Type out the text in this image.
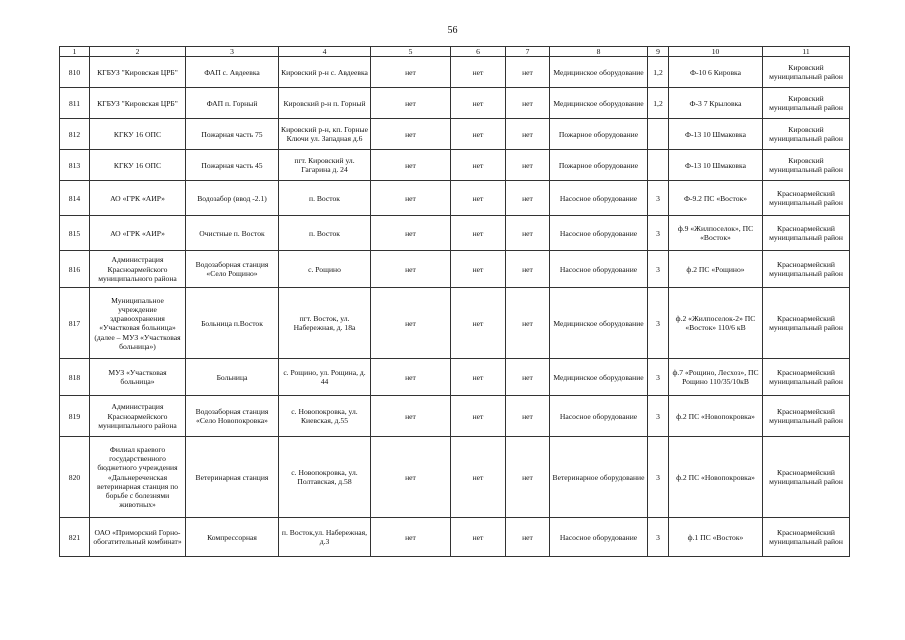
56
1	2	3	4	5	6	7	8	9	10	11
810	КГБУЗ "Кировская ЦРБ"	ФАП с. Авдеевка	Кировский р-н с. Авдеевка	нет	нет	нет	Медицинское оборудование	1,2	Ф-10 6 Кировка	Кировский муниципальный район
811	КГБУЗ "Кировская ЦРБ"	ФАП п. Горный	Кировский р-н п. Горный	нет	нет	нет	Медицинское оборудование	1,2	Ф-3 7 Крыловка	Кировский муниципальный район
812	КГКУ 16 ОПС	Пожарная часть 75	Кировский р-н, кп. Горные Ключи ул. Западная д.6	нет	нет	нет	Пожарное оборудование		Ф-13 10 Шмаковка	Кировский муниципальный район
813	КГКУ 16 ОПС	Пожарная часть 45	пгт. Кировский ул. Гагарина д. 24	нет	нет	нет	Пожарное оборудование		Ф-13 10 Шмаковка	Кировский муниципальный район
814	АО «ГРК «АИР»	Водозабор (ввод -2.1)	п. Восток	нет	нет	нет	Насосное оборудование	3	Ф-9.2 ПС «Восток»	Красноармейский муниципальный район
815	АО «ГРК «АИР»	Очистные п. Восток	п. Восток	нет	нет	нет	Насосное оборудование	3	ф.9 «Жилпоселок», ПС «Восток»	Красноармейский муниципальный район
816	Администрация Красноармейского муниципального района	Водозаборная станция «Село Рощино»	с. Рощино	нет	нет	нет	Насосное оборудование	3	ф.2 ПС «Рощино»	Красноармейский муниципальный район
817	Муниципальное учреждение здравоохранения «Участковая больница» (далее – МУЗ «Участковая больница»)	Больница п.Восток	пгт. Восток, ул. Набережная, д. 18а	нет	нет	нет	Медицинское оборудование	3	ф.2 «Жилпоселок-2» ПС «Восток» 110/6 кВ	Красноармейский муниципальный район
818	МУЗ «Участковая больница»	Больница	с. Рощино, ул. Рощина, д. 44	нет	нет	нет	Медицинское оборудование	3	ф.7 «Рощино, Лесхоз», ПС Рощино 110/35/10кВ	Красноармейский муниципальный район
819	Администрация Красноармейского муниципального района	Водозаборная станция «Село Новопокровка»	с. Новопокровка, ул. Киевская, д.55	нет	нет	нет	Насосное оборудование	3	ф.2 ПС «Новопокровка»	Красноармейский муниципальный район
820	Филиал краевого государственного бюджетного учреждения «Дальнереченская ветеринарная станция по борьбе с болезнями животных»	Ветеринарная станция	с. Новопокровка, ул. Полтавская, д.58	нет	нет	нет	Ветеринарное оборудование	3	ф.2 ПС «Новопокровка»	Красноармейский муниципальный район
821	ОАО «Приморский Горно-обогатительный комбинат»	Компрессорная	п. Восток,ул. Набережная, д.3	нет	нет	нет	Насосное оборудование	3	ф.1 ПС «Восток»	Красноармейский муниципальный район
